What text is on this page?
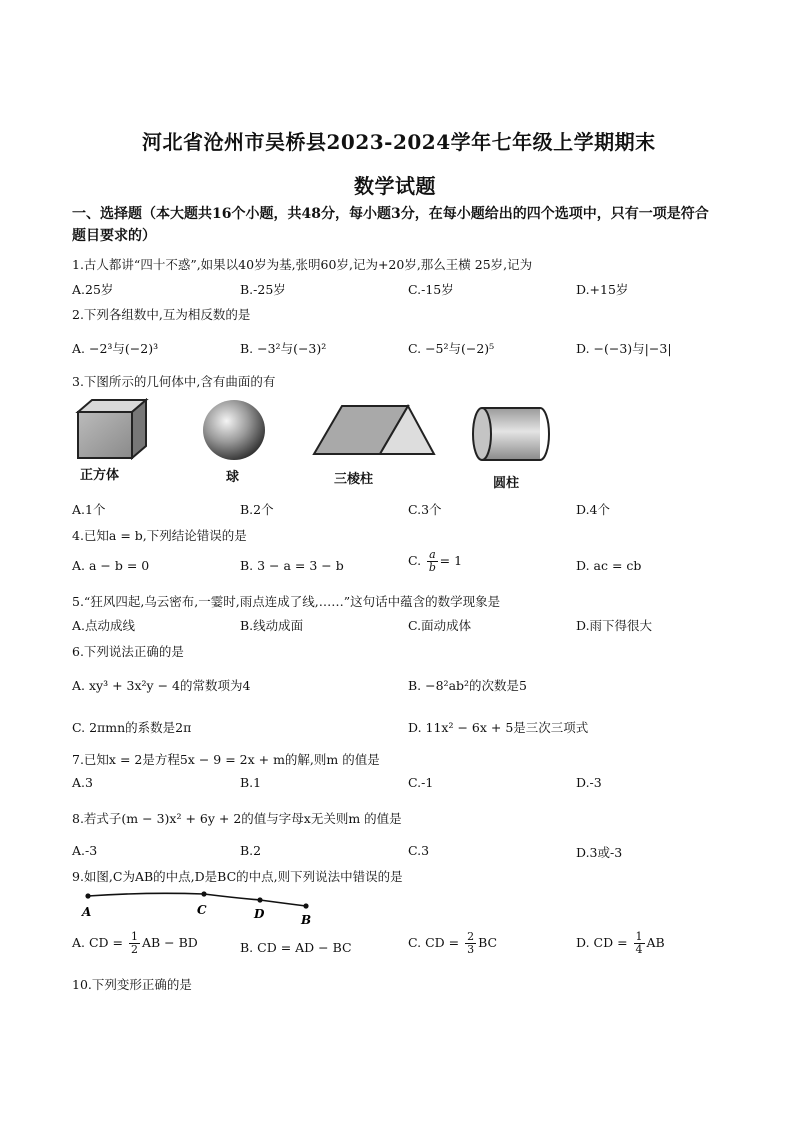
河北省沧州市吴桥县2023-2024学年七年级上学期期末
数学试题
一、选择题（本大题共16个小题，共48分，每小题3分，在每小题给出的四个选项中，只有一项是符合题目要求的）
1.古人都讲“四十不惑”,如果以40岁为基,张明60岁,记为+20岁,那么王横 25岁,记为
A.25岁	B.-25岁	C.-15岁	D.+15岁
2.下列各组数中,互为相反数的是
A. −2³与(−2)³	B. −3²与(−3)²	C. −5²与(−2)⁵	D. −(−3)与|−3|
3.下图所示的几何体中,含有曲面的有
正方体	球	三棱柱	圆柱
A.1个	B.2个	C.3个	D.4个
4.已知a = b,下列结论错误的是
A. a − b = 0	B. 3 − a = 3 − b	C. $\frac{a}{b} = 1$	D. ac = cb
5.“狂风四起,乌云密布,一霎时,雨点连成了线,……”这句话中蕴含的数学现象是
A.点动成线	B.线动成面	C.面动成体	D.雨下得很大
6.下列说法正确的是
A. xy³ + 3x²y − 4的常数项为4	B. −8²ab²的次数是5
C. 2πmn的系数是2π	D. 11x² − 6x + 5是三次三项式
7.已知x = 2是方程5x − 9 = 2x + m的解,则m 的值是
A.3	B.1	C.-1	D.-3
8.若式子(m − 3)x² + 6y + 2的值与字母x无关则m 的值是
A.-3	B.2	C.3	D.3或-3
9.如图,C为AB的中点,D是BC的中点,则下列说法中错误的是
A	C	D	B
A. CD = $\frac{1}{2}$ AB − BD	B. CD = AD − BC	C. CD = $\frac{2}{3}$ BC	D. CD = $\frac{1}{4}$ AB
10.下列变形正确的是
